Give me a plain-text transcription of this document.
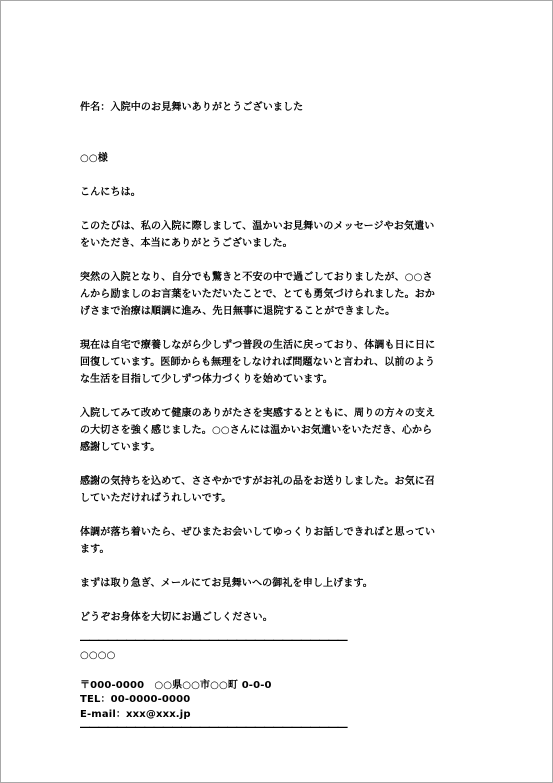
件名：入院中のお見舞いありがとうございました
○○様
こんにちは。
このたびは、私の入院に際しまして、温かいお見舞いのメッセージやお気遣い
をいただき、本当にありがとうございました。
突然の入院となり、自分でも驚きと不安の中で過ごしておりましたが、○○さ
んから励ましのお言葉をいただいたことで、とても勇気づけられました。おか
げさまで治療は順調に進み、先日無事に退院することができました。
現在は自宅で療養しながら少しずつ普段の生活に戻っており、体調も日に日に
回復しています。医師からも無理をしなければ問題ないと言われ、以前のよう
な生活を目指して少しずつ体力づくりを始めています。
入院してみて改めて健康のありがたさを実感するとともに、周りの方々の支え
の大切さを強く感じました。○○さんには温かいお気遣いをいただき、心から
感謝しています。
感謝の気持ちを込めて、ささやかですがお礼の品をお送りしました。お気に召
していただければうれしいです。
体調が落ち着いたら、ぜひまたお会いしてゆっくりお話しできればと思ってい
ます。
まずは取り急ぎ、メールにてお見舞いへの御礼を申し上げます。
どうぞお身体を大切にお過ごしください。
―――――――――――――――――――――――――――――
○○○○
〒000-0000　○○県○○市○○町 0-0-0
TEL：00-0000-0000
E-mail：xxx@xxx.jp
―――――――――――――――――――――――――――――
